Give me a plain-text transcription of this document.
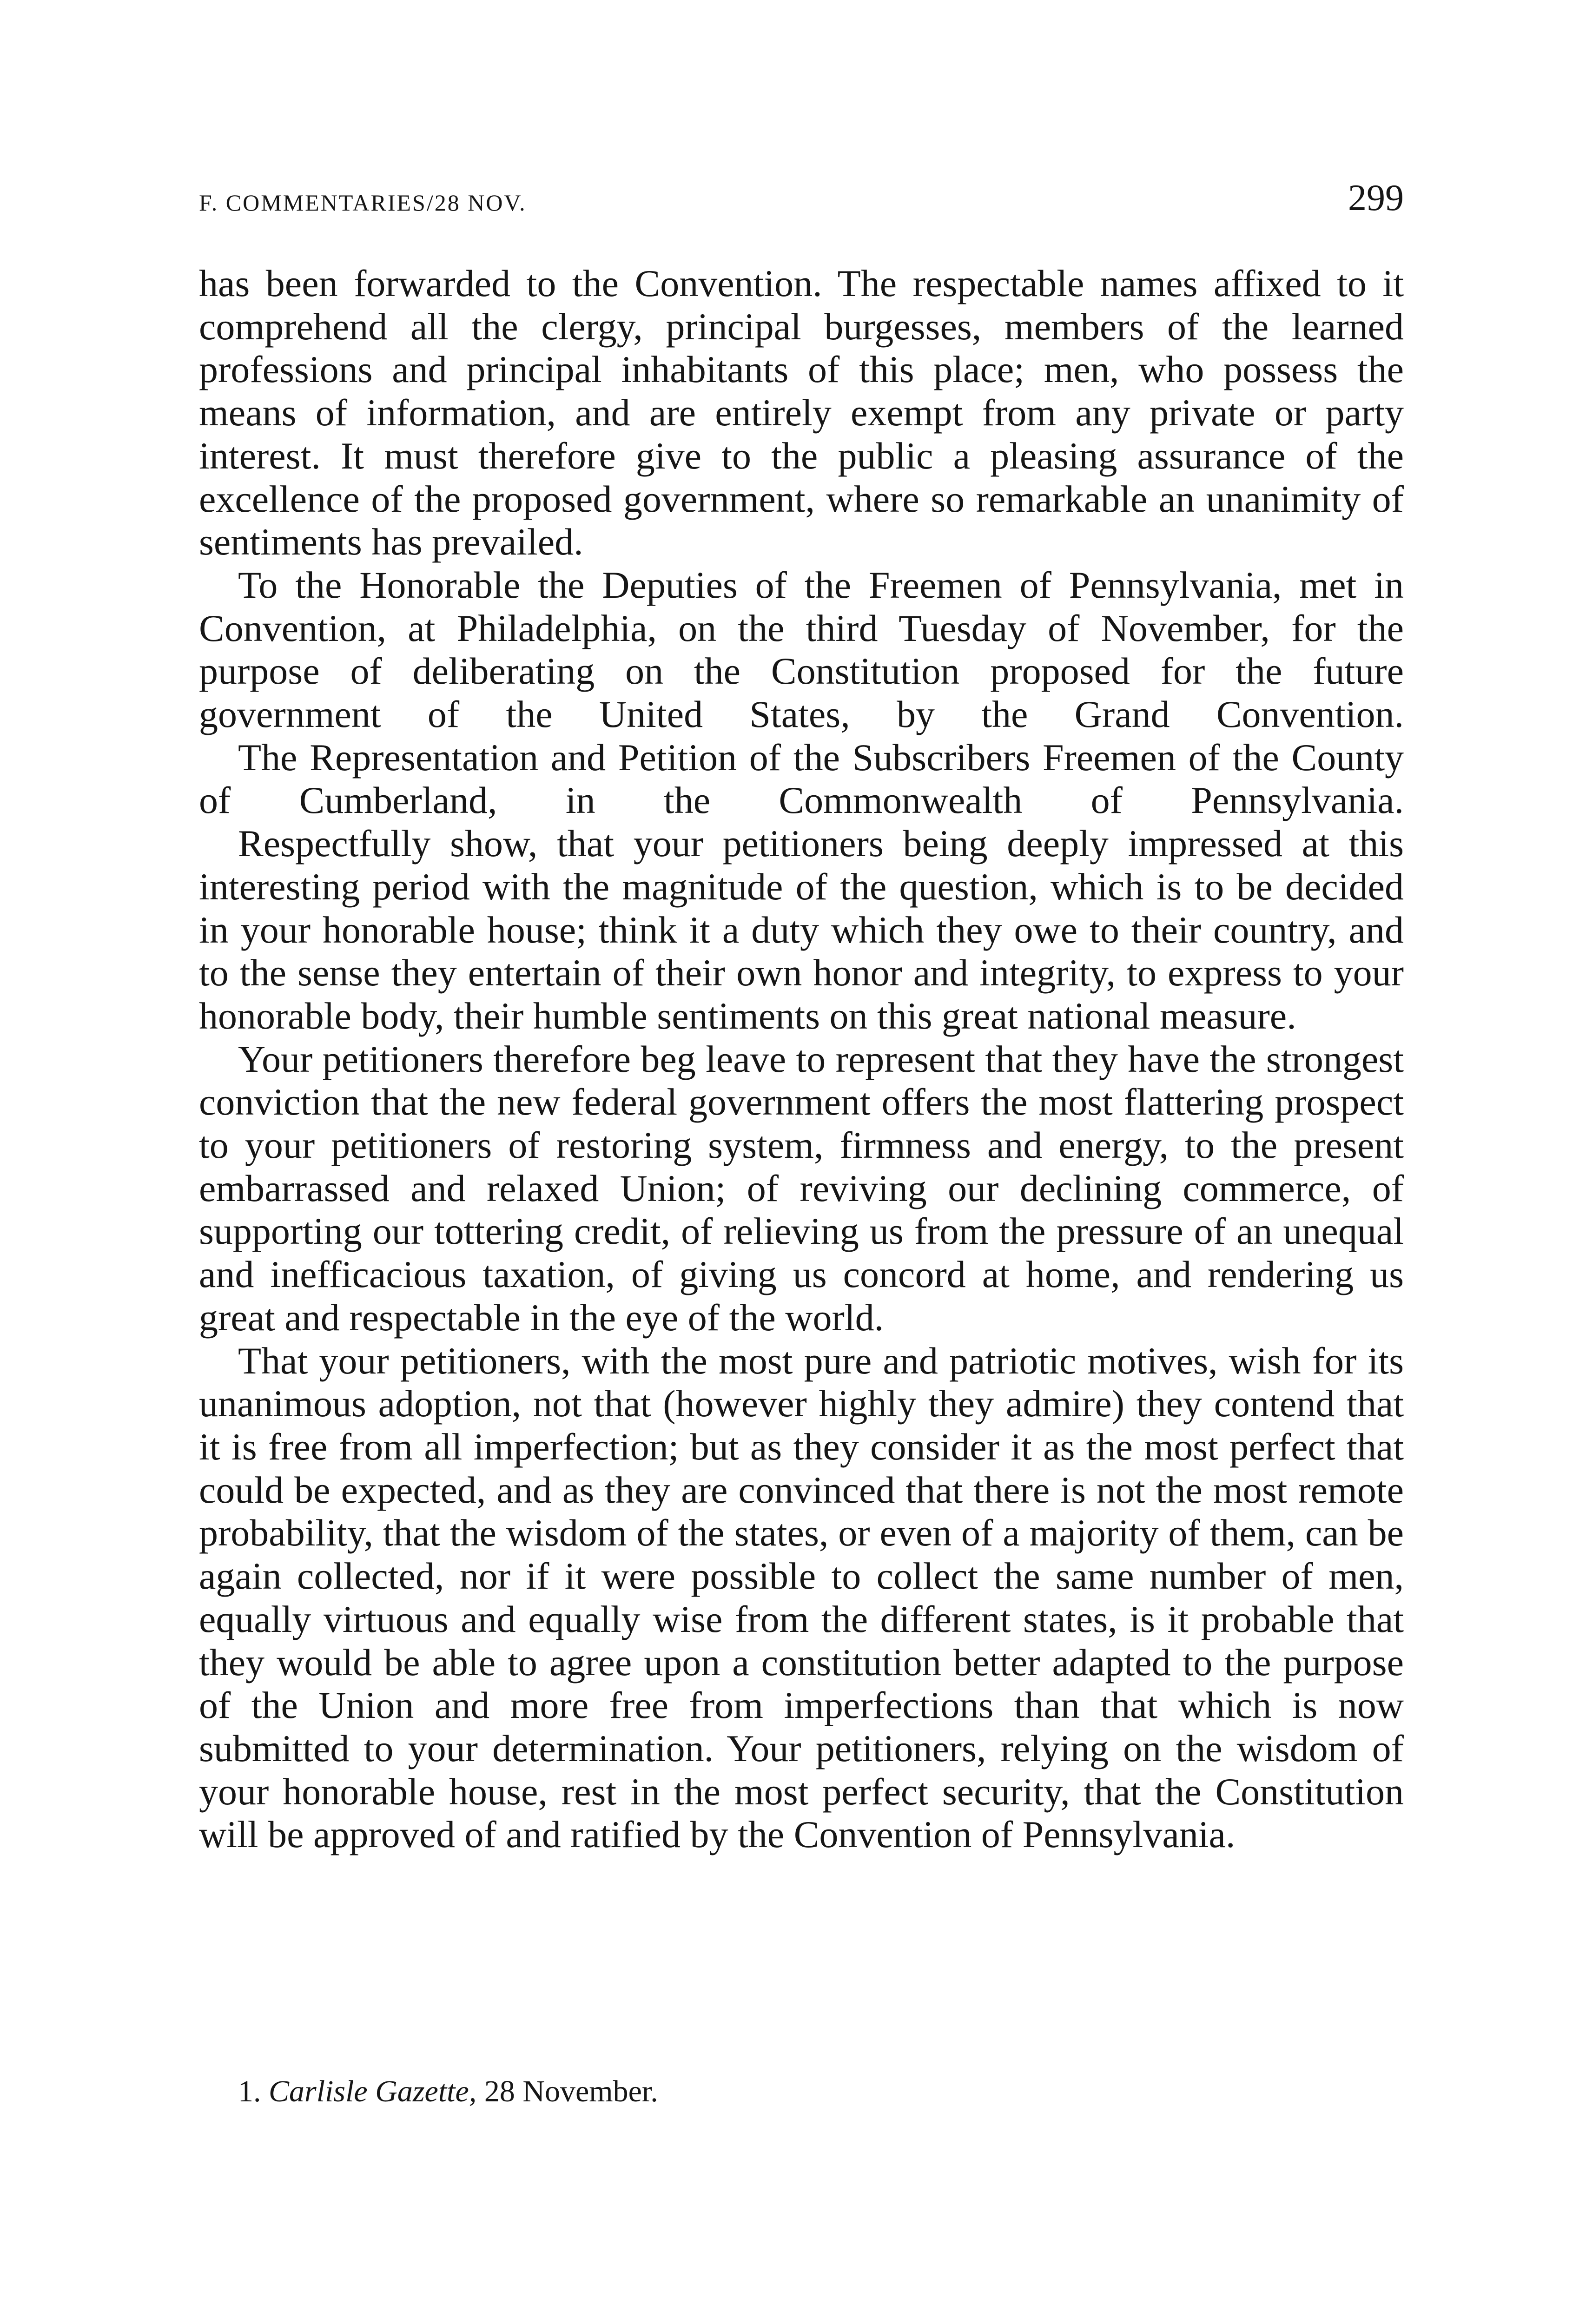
F. COMMENTARIES/28 NOV.	299

has been forwarded to the Convention. The respectable names affixed to it comprehend all the clergy, principal burgesses, members of the learned professions and principal inhabitants of this place; men, who possess the means of information, and are entirely exempt from any private or party interest. It must therefore give to the public a pleasing assurance of the excellence of the proposed government, where so remarkable an unanimity of sentiments has prevailed.

To the Honorable the Deputies of the Freemen of Pennsylvania, met in Convention, at Philadelphia, on the third Tuesday of November, for the purpose of deliberating on the Constitution proposed for the future government of the United States, by the Grand Convention.

The Representation and Petition of the Subscribers Freemen of the County of Cumberland, in the Commonwealth of Pennsylvania.

Respectfully show, that your petitioners being deeply impressed at this interesting period with the magnitude of the question, which is to be decided in your honorable house; think it a duty which they owe to their country, and to the sense they entertain of their own honor and integrity, to express to your honorable body, their humble sentiments on this great national measure.

Your petitioners therefore beg leave to represent that they have the strongest conviction that the new federal government offers the most flattering prospect to your petitioners of restoring system, firmness and energy, to the present embarrassed and relaxed Union; of reviving our declining commerce, of supporting our tottering credit, of relieving us from the pressure of an unequal and inefficacious taxation, of giving us concord at home, and rendering us great and respectable in the eye of the world.

That your petitioners, with the most pure and patriotic motives, wish for its unanimous adoption, not that (however highly they admire) they contend that it is free from all imperfection; but as they consider it as the most perfect that could be expected, and as they are convinced that there is not the most remote probability, that the wisdom of the states, or even of a majority of them, can be again collected, nor if it were possible to collect the same number of men, equally virtuous and equally wise from the different states, is it probable that they would be able to agree upon a constitution better adapted to the purpose of the Union and more free from imperfections than that which is now submitted to your determination. Your petitioners, relying on the wisdom of your honorable house, rest in the most perfect security, that the Constitution will be approved of and ratified by the Convention of Pennsylvania.

1. Carlisle Gazette, 28 November.
